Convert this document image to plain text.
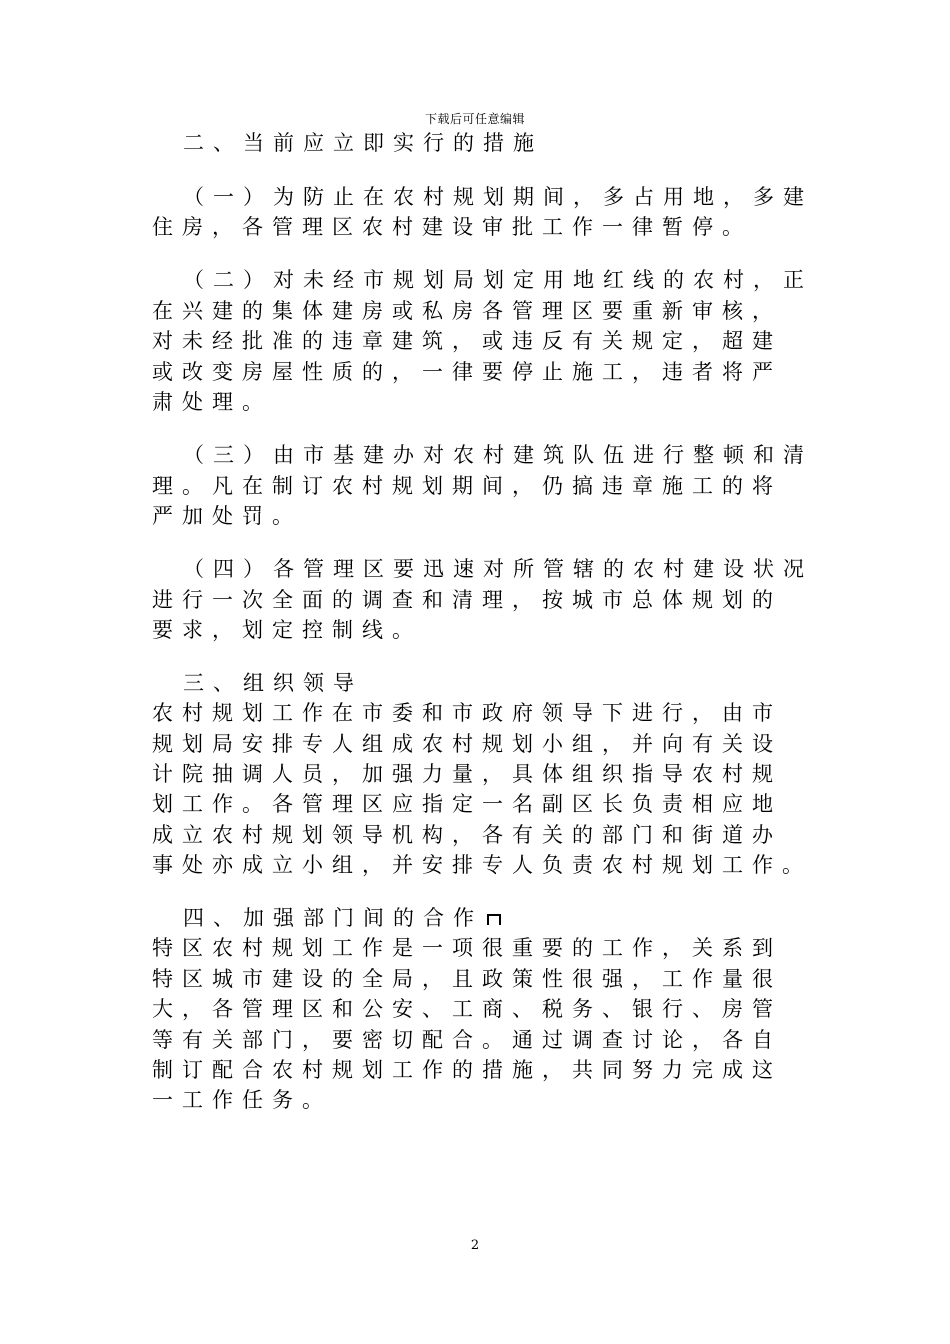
下载后可任意编辑
二、当前应立即实行的措施
（一）为防止在农村规划期间，多占用地，多建
住房，各管理区农村建设审批工作一律暂停。
（二）对未经市规划局划定用地红线的农村，正
在兴建的集体建房或私房各管理区要重新审核，
对未经批准的违章建筑，或违反有关规定，超建
或改变房屋性质的，一律要停止施工，违者将严
肃处理。
（三）由市基建办对农村建筑队伍进行整顿和清
理。凡在制订农村规划期间，仍搞违章施工的将
严加处罚。
（四）各管理区要迅速对所管辖的农村建设状况
进行一次全面的调查和清理，按城市总体规划的
要求，划定控制线。
三、组织领导
农村规划工作在市委和市政府领导下进行，由市
规划局安排专人组成农村规划小组，并向有关设
计院抽调人员，加强力量，具体组织指导农村规
划工作。各管理区应指定一名副区长负责相应地
成立农村规划领导机构，各有关的部门和街道办
事处亦成立小组，并安排专人负责农村规划工作。
四、加强部门间的合作
特区农村规划工作是一项很重要的工作，关系到
特区城市建设的全局，且政策性很强，工作量很
大，各管理区和公安、工商、税务、银行、房管
等有关部门，要密切配合。通过调查讨论，各自
制订配合农村规划工作的措施，共同努力完成这
一工作任务。
2
